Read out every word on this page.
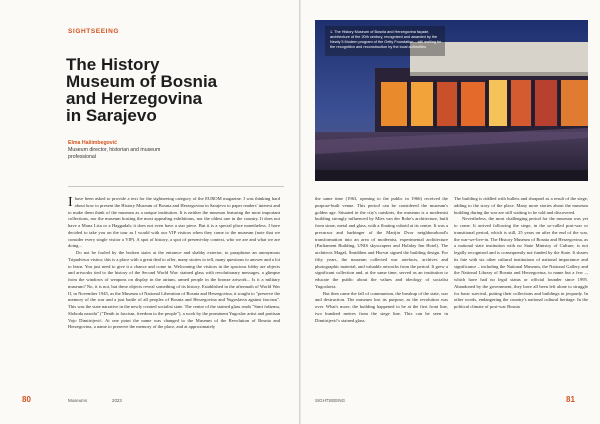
SIGHTSEEING
The History
Museum of Bosnia
and Herzegovina
in Sarajevo
Elma Hašimbegović
Museum director, historian and museum
professional

Ihave been asked to provide a text for the sightseeing category of the EUROM magazine. I was thinking hard about how to present the History Museum of Bosnia and Herzegovina in Sarajevo to paper readers' interest and to make them think of the museum as a unique institution. It is neither the museum featuring the most important collections, nor the museum hosting the most appealing exhibitions, nor the oldest one in the country. It does not have a Mona Lisa or a Haggadah; it does not even have a star piece. But it is a special place nonetheless. I have decided to take you on the tour as I would with our VIP visitors when they come to the museum (note that we consider every single visitor a VIP). A spot of history, a spot of present-day context, who we are and what we are doing...

Do not be fooled by the broken stairs at the entrance and shabby exterior, to paraphrase an anonymous Tripadvisor visitor, this is a place with a great deal to offer, many stories to tell, many questions to answer and a lot to learn. You just need to give it a chance and come in. Welcoming the visitors in the spacious lobby are objects and artworks tied to the history of the Second World War: stained glass with revolutionary messages, a glimpse from the windows of weapons on display in the atrium, armed people in the bronze artwork... Is it a military museum? No, it is not, but these objects reveal something of its history. Established in the aftermath of World War II, in November 1945, as the Museum of National Liberation of Bosnia and Herzegovina, it sought to "preserve the memory of the war and a just battle of all peoples of Bosnia and Herzegovina and Yugoslavia against fascism". This was the state narrative in the newly created socialist state. The centre of the stained glass reads "Smrt fašizmu, Sloboda narodu" ("Death to fascism, freedom to the people"), a work by the prominent Yugoslav artist and partisan Vojo Dimitrijević. At one point the name was changed to the Museum of the Revolution of Bosnia and Herzegovina, a name to preserve the memory of the place, and at approximately

80	Museums	2023
1. The History Museum of Bosnia and Herzegovina façade, architecture of the 20th century, recognised and awarded by the Newly 5 Modern program of the Getty Foundation – still waiting for the recognition and reconstruction by the local authorities

the same time (1963, opening to the public in 1966) received the purpose-built venue. This period can be considered the museum's golden age. Situated in the city's outskirts, the museum is a modernist building strongly influenced by Mies van der Rohe's architecture, built from stone, metal and glass, with a floating cuboid at its centre. It was a precursor and harbinger of the Marijin Dvor neighbourhood's transformation into an area of modernist, experimental architecture (Parliament Building, UNIS skyscrapers and Holiday Inn Hotel). The architects Magaš, Šmidihen and Horvat signed the building design. For fifty years, the museum collected war artefacts, archives and photographic material, and valuable artworks from the period. It grew a significant collection and, at the same time, served as an institution to educate the public about the values and ideology of socialist Yugoslavia.

But then came the fall of communism, the breakup of the state, war and destruction. The museum lost its purpose, as the revolution was over. What's more, the building happened to be at the first front line, two hundred metres from the siege line. This can be seen in Dimitrijević's stained glass

The building is riddled with bullets and shrapnel as a result of the siege, adding to the story of the place. Many more stories about the museum building during the war are still waiting to be told and discovered.

Nevertheless, the most challenging period for the museum was yet to come. It arrived following the siege, in the so-called post-war or transitional period, which is still, 25 years on after the end of the war, the war-we-live-in. The History Museum of Bosnia and Herzegovina, as a national state institution with no State Ministry of Culture, is not legally recognised and is consequently not funded by the State. It shares its fate with six other cultural institutions of national importance and significance – including the National Museum, the National Gallery and the National Library of Bosnia and Herzegovina, to name but a few –, which have had no legal status or official founder since 1995. Abandoned by the government, they have all been left alone to struggle for basic survival, putting their collections and buildings in jeopardy. In other words, endangering the country's national cultural heritage. In the political climate of post-war Bosnia

SIGHTSEEING	81
